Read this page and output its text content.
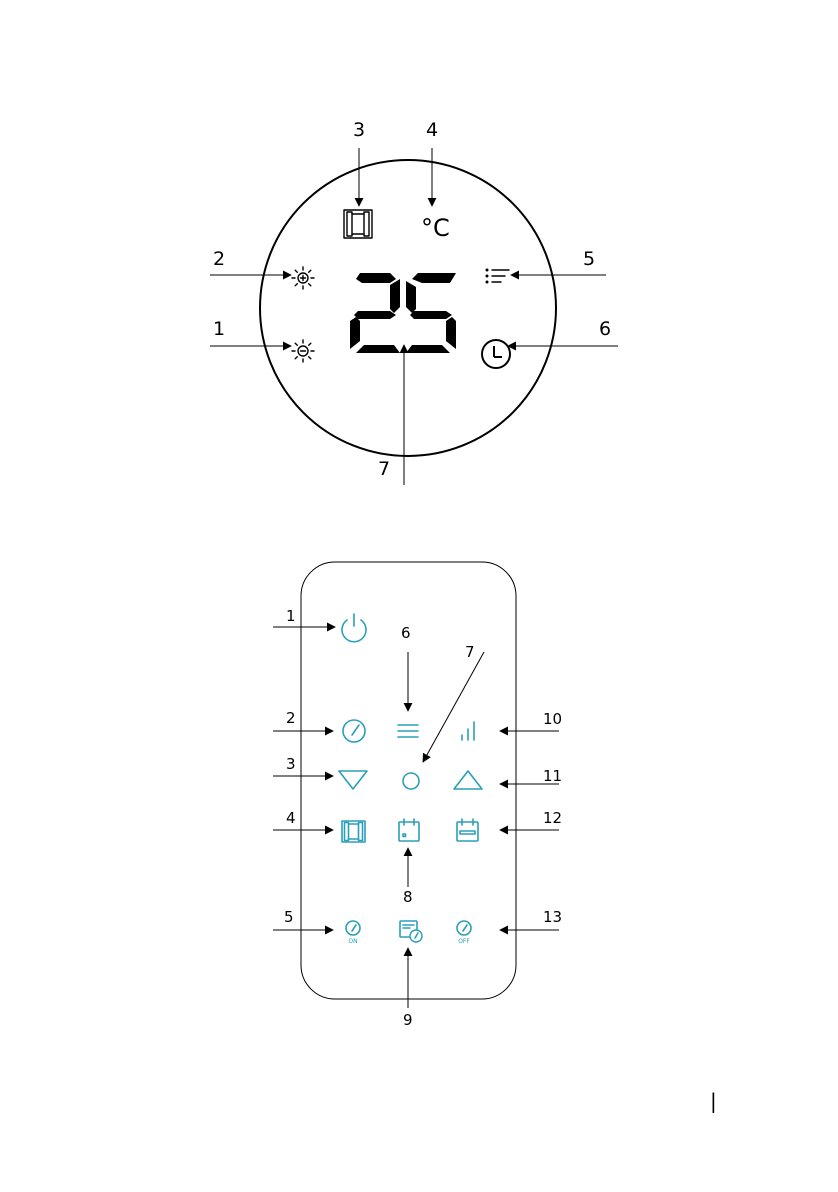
3	4
2
1
5
6
7
°C
1
2
3
4
5
6
7
8
9
10
11
12
13
ON	OFF
|
